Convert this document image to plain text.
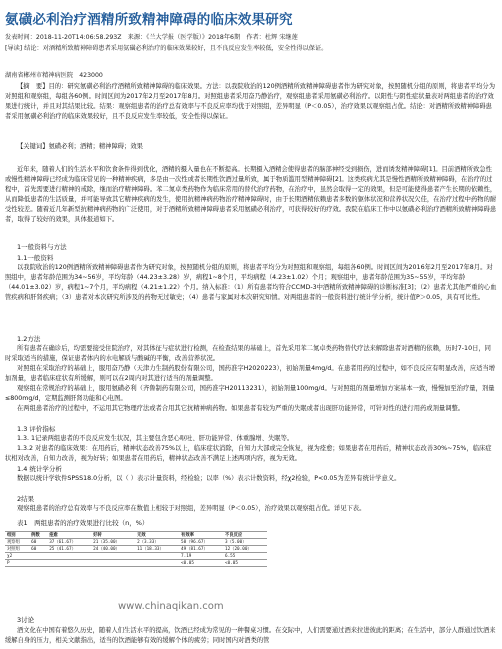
氨磺必利治疗酒精所致精神障碍的临床效果研究
发表时间：2018-11-20T14:06:58.293Z　来源：《兰大学报（医学版）》2018年6期　作者：杜辉 宋继莲
[导读] 结论：对酒精所致精神障碍患者采用氨磺必利治疗的临床效果较好，且不良反应发生率较低，安全性得以保证。
湖南省郴州市精神病医院　423000

【摘　要】目的：研究氨磺必利治疗酒精所致精神障碍的临床效果。方法：以我院收治的120例酒精所致精神障碍患者作为研究对象，按照随机分组的原则，将患者平均分为对照组和观察组，每组各60例。时间区间为2017年2月至2017年8月。对照组患者采用奋乃静治疗，观察组患者采用氨磺必利治疗。以阳性与阴性症状量表对两组患者的治疗效果进行统计，并且对其结果比较。结果：观察组患者的治疗总有效率与不良反应率均优于对照组，差异明显（P＜0.05），治疗效果以观察组占优。结论：对酒精所致精神障碍患者采用氨磺必利治疗的临床效果较好，且不良反应发生率较低，安全性得以保证。

【关键词】氨磺必利；酒精；精神障碍；效果

近年来，随着人们的生活水平和饮食条件得到优化，酒精的摄入量也在不断提高。长期摄入酒精会使得患者的脑部神经受到损伤，进而诱发精神障碍[1]。目前酒精所致急性或慢性精神障碍已经成为临床常见的一种精神疾病，多是由一次性或者长期性饮酒过量所致，属于物质滥用型精神障碍[2]。这类疾病尤其是慢性酒精所致精神障碍，在治疗的过程中，首先需要进行精神的戒除，继而治疗精神障碍。苯二氮卓类药物作为临床常用的替代治疗药物，在治疗中，虽然会取得一定的效果，但是可能使得患者产生长期的依赖性，从而降低患者的生活质量，并可能导致其它精神疾病的发生，使用抗精神病药物治疗精神障碍时，由于长期酒精依赖患者多数的躯体状况和营养状况欠佳，在治疗过程中药物的耐受性较差。随着近几年新型抗精神病药物的广泛使用，对于酒精所致精神障碍患者采用氨磺必利治疗，可获得较好的疗效。我院在临床工作中以氨磺必利治疗酒精所致精神障碍患者，取得了较好的效果，具体报道如下。

1一般资料与方法
1.1一般资料

以我院收治的120例酒精所致精神障碍患者作为研究对象，按照随机分组的原则，将患者平均分为对照组和观察组，每组各60例。时间区间为2016年2月至2017年8月。对照组中，患者年龄范围为34~56岁，平均年龄（44.23±3.28）岁，病程1~8个月，平均病程（4.23±1.02）个月；观察组中，患者年龄范围为35~55岁，平均年龄（44.01±3.02）岁，病程1~7个月，平均病程（4.21±1.22）个月。纳入标准：（1）所有患者均符合CCMD-3中酒精所致精神障碍的诊断标准[3]；（2）患者尤其他严重的心血管疾病和肝肾疾病；（3）患者对本次研究所涉及的药物无过敏史；（4）患者与家属对本次研究知情。对两组患者的一般资料进行统计学分析，统计值P＞0.05，具有可比性。

1.2方法

所有患者在确诊后，均需要接受住院治疗，对其体征与症状进行检测，在检查结果的基础上，首先采用苯二氮卓类药物替代疗法来解除患者对酒精的依赖，历时7-10日，同时采取适当的措施，保证患者体内的水电解质与酸碱的平衡，改善营养状况。

对照组在采取治疗的基础上，服用奋乃静（天津力生制药股份有限公司，国药准字H2020223），初始剂量4mg/d。在患者用药的过程中，如不良反应有明显改善，应适当增加剂量，患者临床症状有所缓解，则可以在2周内对其进行适当的剂量调整。

观察组在常规治疗的基础上，服用氨磺必利（齐鲁制药有限公司，国药准字H20113231），初始剂量100mg/d。与对照组的剂量增加方案基本一致，慢慢加至治疗量，剂量≤800mg/d，定期监测肝肾功能和心电图。

在两组患者治疗的过程中，不运用其它物理疗法或者合用其它抗精神病药物。如果患者有较为严重的失眠或者出现肝功能异常，可针对性的进行用药或剂量调整。

1.3 评价指标

1.3. 1记录两组患者的不良反应发生状况，其主要包含恶心呕吐、肝功能异常、体重腺增、失眠等。

1.3.2 对患者的临床效果：在用药后，精神状态改善75%以上，临床症状消除，自知力大部或完全恢复，视为痊愈；如果患者在用药后，精神状态改善30%~75%，临床症状相对改善，自知力改善，视为好转；如果患者在用药后，精神状态改善不满足上述两项内容，视为无效。

1.4 统计学分析

数据以统计学软件SPSS18.0分析，以（ ）表示计量资料，经检验；以率（%）表示计数资料，经χ2检验，P<0.05为差异有统计学意义。

2结果

观察组患者的治疗总有效率与不良反应率在数值上相较于对照组，差异明显（P＜0.05），治疗效果以观察组占优。详见下表。

表1　两组患者的治疗效果进行比较（n，%）
组别	例数	痊愈	好转	无效	有效率	不良反应
观察组	60	37（61.67）	21（35.00）	2（3.33）	58（96.67）	3（5.00）
对照组	60	25（41.67）	24（40.00）	11（18.33）	49（81.67）	12（20.00）
χ2					7.19	6.55
P					<0.05	<0.05
www.chinaqikan.com
3讨论

酒文化在中国有着悠久历史，随着人们生活水平的提高，饮酒已经成为常见的一种餐桌习惯。在交际中，人们需要通过酒来拉进彼此的距离；在生活中，部分人群通过饮酒来缓解自身的压力，相关文献指出，适当的饮酒能够有效的缓解个体的疲劳；同时国内对酒类的管
